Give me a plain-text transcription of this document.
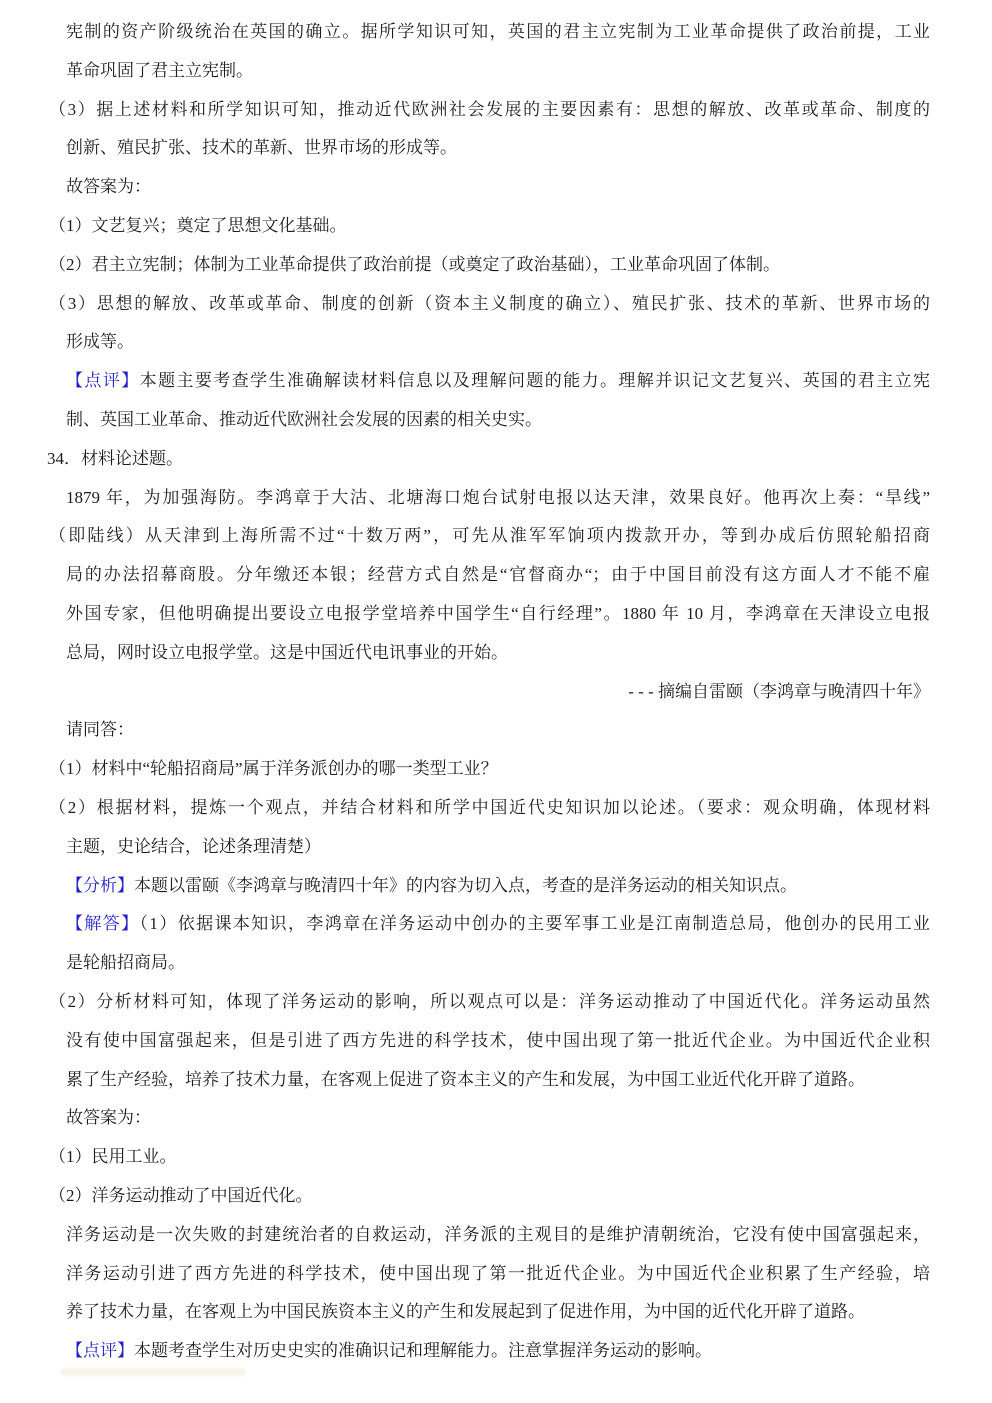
宪制的资产阶级统治在英国的确立。据所学知识可知，英国的君主立宪制为工业革命提供了政治前提，工业
革命巩固了君主立宪制。
（3）据上述材料和所学知识可知，推动近代欧洲社会发展的主要因素有：思想的解放、改革或革命、制度的
创新、殖民扩张、技术的革新、世界市场的形成等。
故答案为：
（1）文艺复兴；奠定了思想文化基础。
（2）君主立宪制；体制为工业革命提供了政治前提（或奠定了政治基础），工业革命巩固了体制。
（3）思想的解放、改革或革命、制度的创新（资本主义制度的确立）、殖民扩张、技术的革新、世界市场的
形成等。
【点评】本题主要考查学生准确解读材料信息以及理解问题的能力。理解并识记文艺复兴、英国的君主立宪
制、英国工业革命、推动近代欧洲社会发展的因素的相关史实。
34．材料论述题。
1879 年，为加强海防。李鸿章于大沽、北塘海口炮台试射电报以达天津，效果良好。他再次上奏：“旱线”
（即陆线）从天津到上海所需不过“十数万两”，可先从淮军军饷项内拨款开办，等到办成后仿照轮船招商
局的办法招幕商股。分年缴还本银；经营方式自然是“官督商办“；由于中国目前没有这方面人才不能不雇
外国专家，但他明确提出要设立电报学堂培养中国学生“自行经理”。1880 年 10 月，李鸿章在天津设立电报
总局，网时设立电报学堂。这是中国近代电讯事业的开始。
- - - 摘编自雷颐（李鸿章与晚清四十年》
请同答：
（1）材料中“轮船招商局”属于洋务派创办的哪一类型工业？
（2）根据材料，提炼一个观点，并结合材料和所学中国近代史知识加以论述。（要求：观众明确，体现材料
主题，史论结合，论述条理清楚）
【分析】本题以雷颐《李鸿章与晚清四十年》的内容为切入点，考查的是洋务运动的相关知识点。
【解答】（1）依据课本知识，李鸿章在洋务运动中创办的主要军事工业是江南制造总局，他创办的民用工业
是轮船招商局。
（2）分析材料可知，体现了洋务运动的影响，所以观点可以是：洋务运动推动了中国近代化。洋务运动虽然
没有使中国富强起来，但是引进了西方先进的科学技术，使中国出现了第一批近代企业。为中国近代企业积
累了生产经验，培养了技术力量，在客观上促进了资本主义的产生和发展，为中国工业近代化开辟了道路。
故答案为：
（1）民用工业。
（2）洋务运动推动了中国近代化。
洋务运动是一次失败的封建统治者的自救运动，洋务派的主观目的是维护清朝统治，它没有使中国富强起来，
洋务运动引进了西方先进的科学技术，使中国出现了第一批近代企业。为中国近代企业积累了生产经验，培
养了技术力量，在客观上为中国民族资本主义的产生和发展起到了促进作用，为中国的近代化开辟了道路。
【点评】本题考查学生对历史史实的准确识记和理解能力。注意掌握洋务运动的影响。
